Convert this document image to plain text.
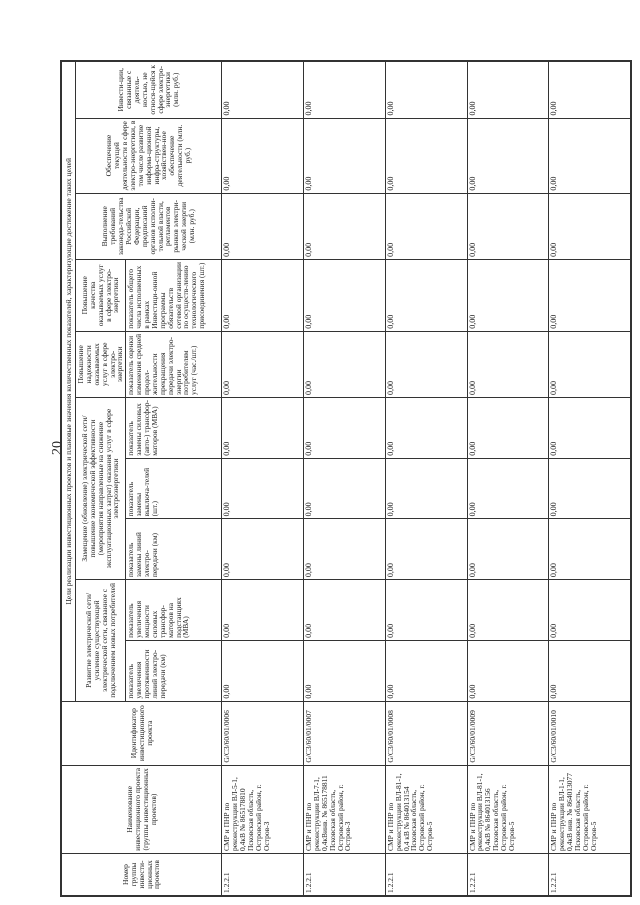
20
Номер группы инвести-ционных проектов	Наименование инвестиционного проекта (группы инвестиционных проектов)	Идентификатор инвестиционного проекта	Цели реализации инвестиционных проектов и плановые значения количественных показателей, характеризующие достижение таких целей									
			Развитие электрической сети/усиление существующей электрической сети, связанное с подключением новых потребителей		Замещение (обновление) электрической сети/повышение экономической эффективности (мероприятия направленные на снижение эксплуатационных затрат) оказания услуг в сфере электроэнергетики			Повышение надежности оказываемых услуг в сфере электро-энергетики	Повышение качества оказываемых услуг в сфере электро-энергетики	Выполнение требований законода-тельства Российской Федерации, предписаний органов исполни-тельной власти, регламентов рынков электри-ческой энергии (млн. руб.)	Обеспечение текущей деятельности в сфере электро-энергетики, в том числе развитие информа-ционной инфра-структуры, хозяйствен-ное обеспечение деятельности (млн. руб.)	Инвести-ции, связанные с деятель-ностью, не относя-щейся к сфере электро-энергетики (млн. руб.)
			показатель увеличения протяженности линий электро-передачи (км)	показатель увеличения мощности силовых трансфор-маторов на подстанциях (МВА)	показатель замены линий электро-передачи (км)	показатель замены выключа-телей (шт.)	показатель замены силовых (авто-) трансфор-маторов (МВА)	показатель оценки изменения средней продол-жительности прекращения передачи электро-энергии потребителям услуг (час./шт.)	показатель общего числа исполненных в рамках Инвестици-онной программы обязательств сетевой организации по осуществ-лению технологического присоединения (шт.)			
1.2.2.1	СМР и ПНР по реконструкции ВЛ-5-1, 0,4кВ № 865178810 Псковская область, Островский район, г. Остров-3	G/С3/60/01/0006	0,00	0,00	0,00	0,00	0,00	0,00	0,00	0,00	0,00	0,00
1.2.2.1	СМР и ПНР по реконструкции ВЛ-7-1, 0,4кВинв. № 865178811 Псковская область, Островский район, г. Остров-3	G/С3/60/01/0007	0,00	0,00	0,00	0,00	0,00	0,00	0,00	0,00	0,00	0,00
1.2.2.1	СМР и ПНР по реконструкции ВЛ-81-1, 0,4 кВ № 864013154 Псковская область, Островский район, г. Остров-5	G/С3/60/01/0008	0,00	0,00	0,00	0,00	0,00	0,00	0,00	0,00	0,00	0,00
1.2.2.1	СМР и ПНР по реконструкции ВЛ-81-1, 0,4кВ № 864013156 Псковская область, Островский район, г. Остров-5	G/С3/60/01/0009	0,00	0,00	0,00	0,00	0,00	0,00	0,00	0,00	0,00	0,00
1.2.2.1	СМР и ПНР по реконструкции ВЛ-1-1, 0,4кВ инв. № 864013077 Псковская область, Островский район, г. Остров-5	G/С3/60/01/0010	0,00	0,00	0,00	0,00	0,00	0,00	0,00	0,00	0,00	0,00
